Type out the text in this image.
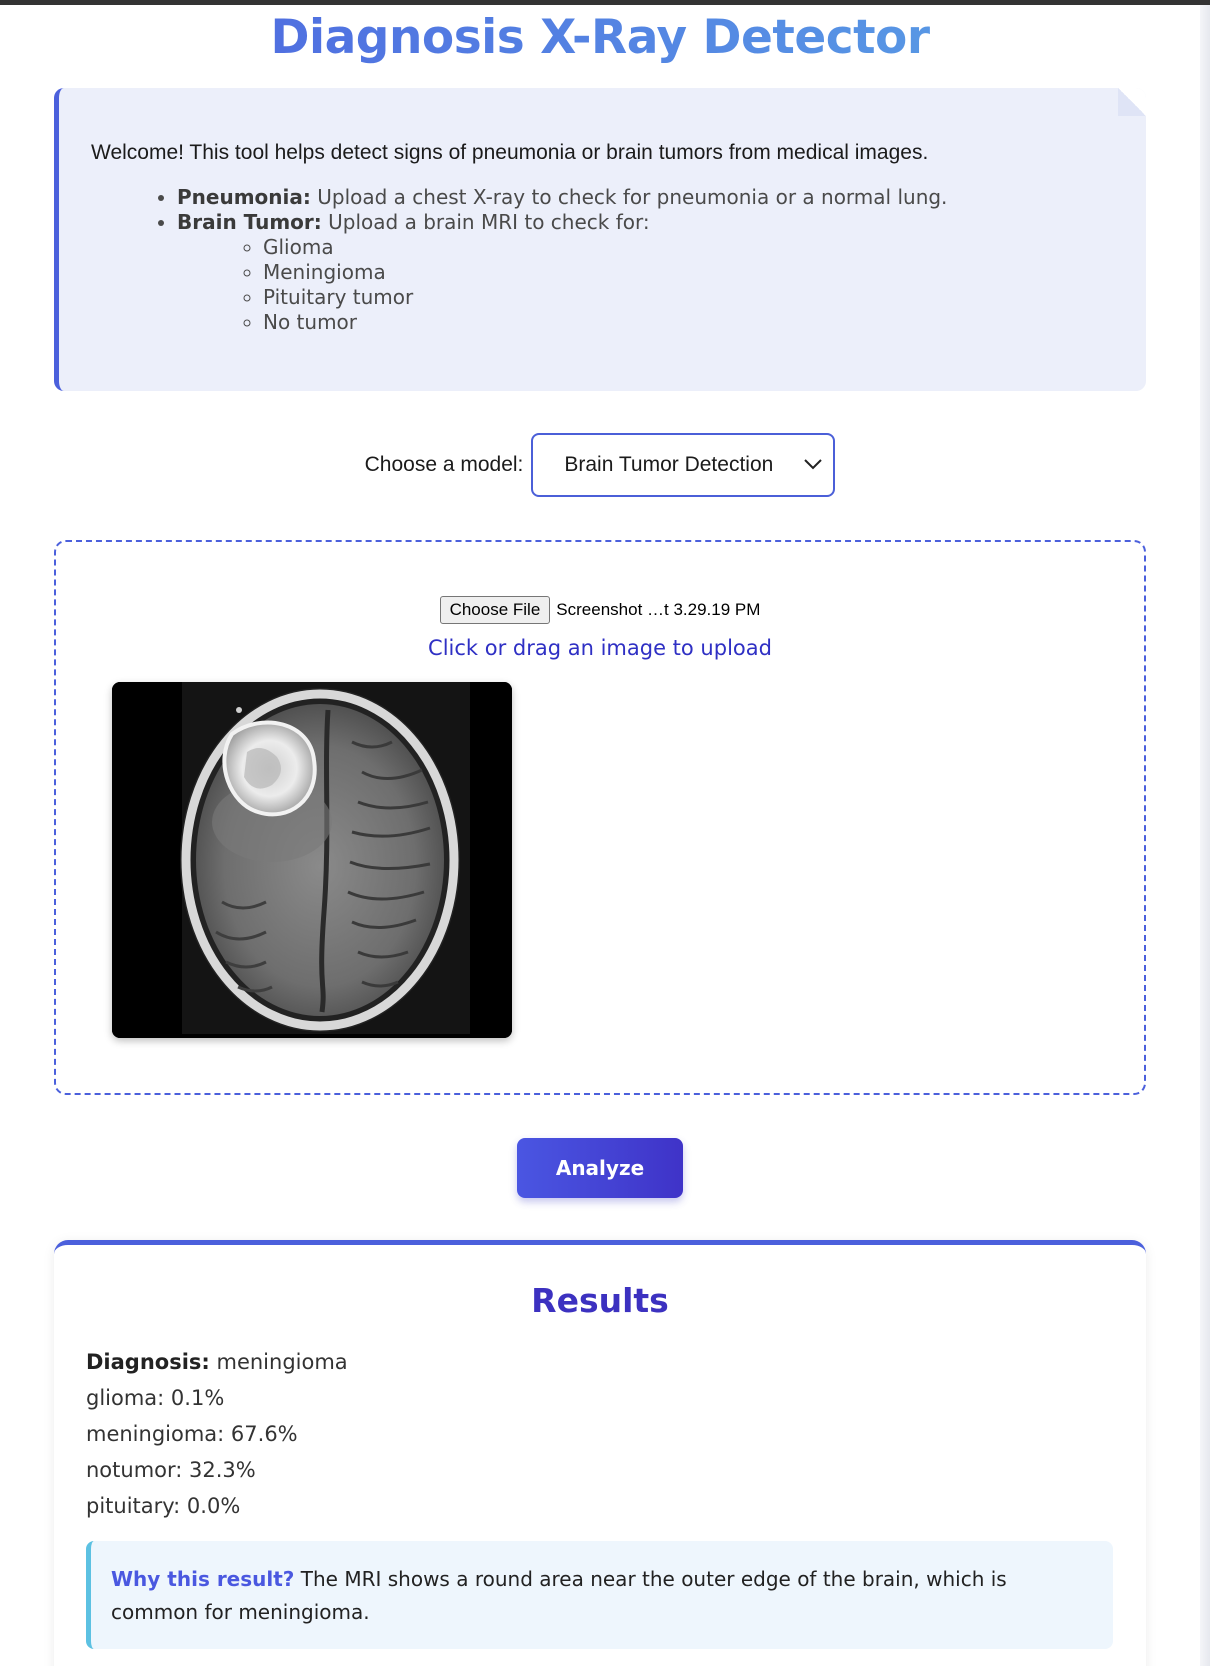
Diagnosis X-Ray Detector

Welcome! This tool helps detect signs of pneumonia or brain tumors from medical images.

• Pneumonia: Upload a chest X-ray to check for pneumonia or a normal lung.
• Brain Tumor: Upload a brain MRI to check for:
◦ Glioma
◦ Meningioma
◦ Pituitary tumor
◦ No tumor
Choose a model: Brain Tumor Detection
Choose File Screenshot …t 3.29.19 PM
Click or drag an image to upload
Analyze
Results
Diagnosis: meningioma
glioma: 0.1%
meningioma: 67.6%
notumor: 32.3%
pituitary: 0.0%
Why this result? The MRI shows a round area near the outer edge of the brain, which is common for meningioma.
